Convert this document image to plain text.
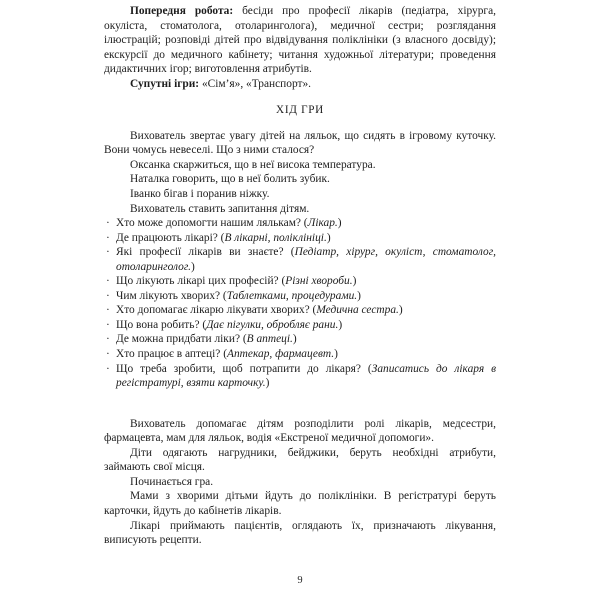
Попередня робота: бесіди про професії лікарів (педіатра, хірурга, окуліста, стоматолога, отоларинголога), медичної сестри; розглядання ілюстрацій; розповіді дітей про відвідування поліклініки (з власного досвіду); екскурсії до медичного кабінету; читання художньої літератури; проведення дидактичних ігор; виготовлення атрибутів.

Супутні ігри: «Сім’я», «Транспорт».

ХІД ГРИ

Вихователь звертає увагу дітей на ляльок, що сидять в ігровому куточку. Вони чомусь невеселі. Що з ними сталося?

Оксанка скаржиться, що в неї висока температура.

Наталка говорить, що в неї болить зубик.

Іванко бігав і поранив ніжку.

Вихователь ставить запитання дітям.

· Хто може допомогти нашим лялькам? (Лікар.)
· Де працюють лікарі? (В лікарні, поліклініці.)
· Які професії лікарів ви знаєте? (Педіатр, хірург, окуліст, стоматолог, отоларинголог.)
· Що лікують лікарі цих професій? (Різні хвороби.)
· Чим лікують хворих? (Таблетками, процедурами.)
· Хто допомагає лікарю лікувати хворих? (Медична сестра.)
· Що вона робить? (Дає пігулки, обробляє рани.)
· Де можна придбати ліки? (В аптеці.)
· Хто працює в аптеці? (Аптекар, фармацевт.)
· Що треба зробити, щоб потрапити до лікаря? (Записатись до лікаря в регістратурі, взяти карточку.)

Вихователь допомагає дітям розподілити ролі лікарів, медсестри, фармацевта, мам для ляльок, водія «Екстреної медичної допомоги».

Діти одягають нагрудники, бейджики, беруть необхідні атрибути, займають свої місця.

Починається гра.

Мами з хворими дітьми йдуть до поліклініки. В регістратурі беруть карточки, йдуть до кабінетів лікарів.

Лікарі приймають пацієнтів, оглядають їх, призначають лікування, виписують рецепти.

9
